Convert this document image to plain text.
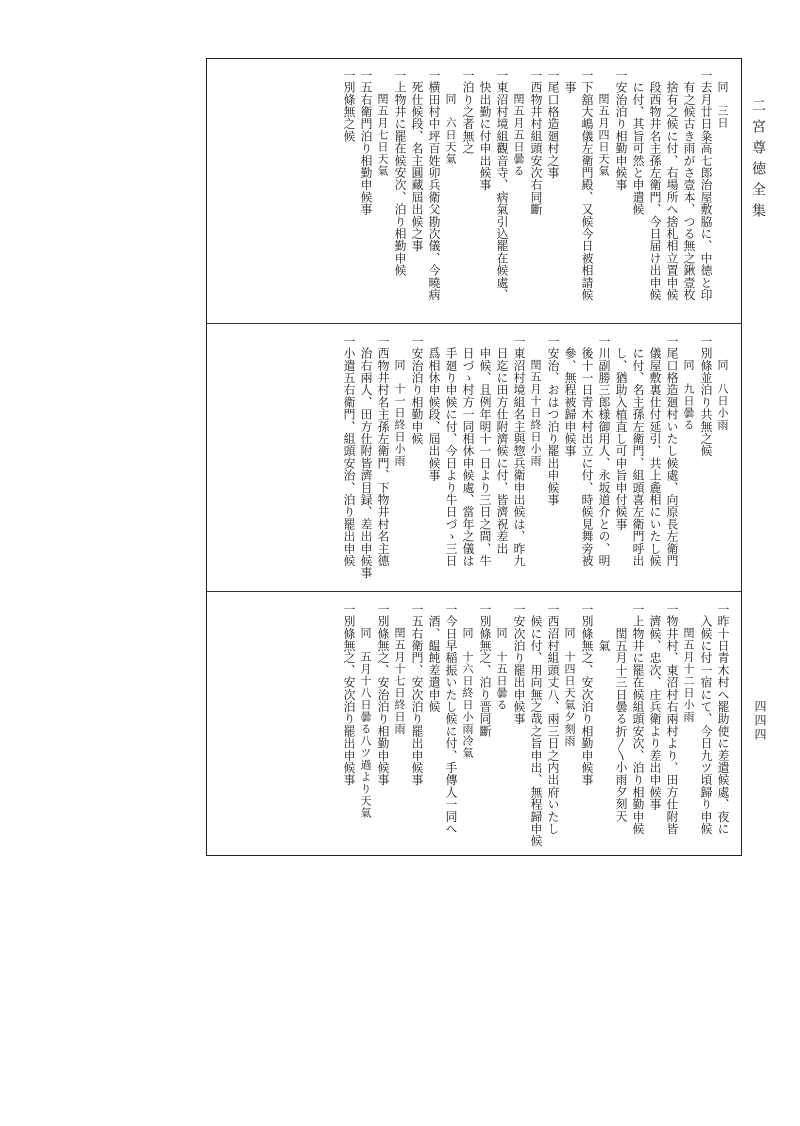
二宮尊徳全集
四四四
　同　三日
一去月廿日粂高七郎治屋敷脇に、中徳と印
　有之候古き雨がさ壹本、つる無之鍬壹枚
　捨有之候に付、右場所へ捨札相立置申候
　段西物井名主孫左衛門、今日届け出申候
　に付、其旨可然と申遣候
一安治泊り相勤申候事
　　閏五月四日天氣
一下舘大嶋儀左衛門殿、又候今日被相請候
　事
一尾口格造廻村之事
一西物井村組頭安次右同斷
　　閏五月五日曇る
一東沼村境組觀音寺、病氣引込罷在候處、
　快出勤に付申出候事
一泊り之者無之
　　同　六日天氣
一横田村中坪百姓卯兵衛父勘次儀、今曉病
　死仕候段、名主圓藏屆出候之事
一上物井に罷在候安次、泊り相勤申候
　　閏五月七日天氣
一五右衛門泊り相勤申候事
一別條無之候
　　同　八日小雨
一別條並泊り共無之候
　　同　九日曇る
一尾口格造廻村いたし候處、向原長左衛門
　儀屋敷裏仕付延引、共上麁相にいたし候
　に付、名主孫左衛門、組頭喜左衛門呼出
　し、猶助入植直し可申旨申付候事
一川副勝三郎様御用人、永坂道介との、明
　後十一日青木村出立に付、時候見舞旁被
　參、無程被歸申候事
一安治、おはつ泊り罷出申候事
　　閏五月十日終日小雨
一東沼村境組名主與惣兵衛申出候は、昨九
　日迄に田方仕附濟候に付、皆濟祝差出
　申候、且例年明十一日より三日之間、牛
　日づゝ村方一同相休申候處、當年之儀は
　手廻り申候に付、今日より牛日づゝ三日
　爲相休申候段、屆出候事
一安治泊り相勤申候
　　同　十一日終日小雨
一西物井村名主孫左衛門、下物井村名主德
　治右兩人、田方仕附皆濟目録、差出申候事
一小遣五右衛門、組頭安治、泊り罷出申候
一昨十日青木村へ罷助使に差遣候處、夜に
　入候に付一宿にて、今日九ツ頃歸り申候
　　閏五月十二日小雨
一物井村、東沼村右兩村より、田方仕附皆
　濟候、忠次、庄兵衛より差出申候事
一上物井に罷在候組頭安次、泊り相勤申候
　　閏五月十三日曇る折〳〵小雨夕刻天
　　　氣
一別條無之、安次泊り相勤申候事
　　同　十四日天氣夕刻雨
一西沼村組頭丈八、兩三日之内出府いたし
　候に付、用向無之哉之旨申出、無程歸申候
一安次泊り罷出申候事
　　同　十五日曇る
一別條無之、泊り晋同斷
　　同　十六日終日小雨冷氣
一今日早稲振いたし候に付、手傳人一同へ
　酒、饂飩差遣申候
一五右衛門、安次泊り罷出申候事
　　閏五月十七日終日雨
一別條無之、安治泊り相勤申候事
　　同　五月十八日曇る八ツ過より天氣
一別條無之、安次泊り罷出申候事
